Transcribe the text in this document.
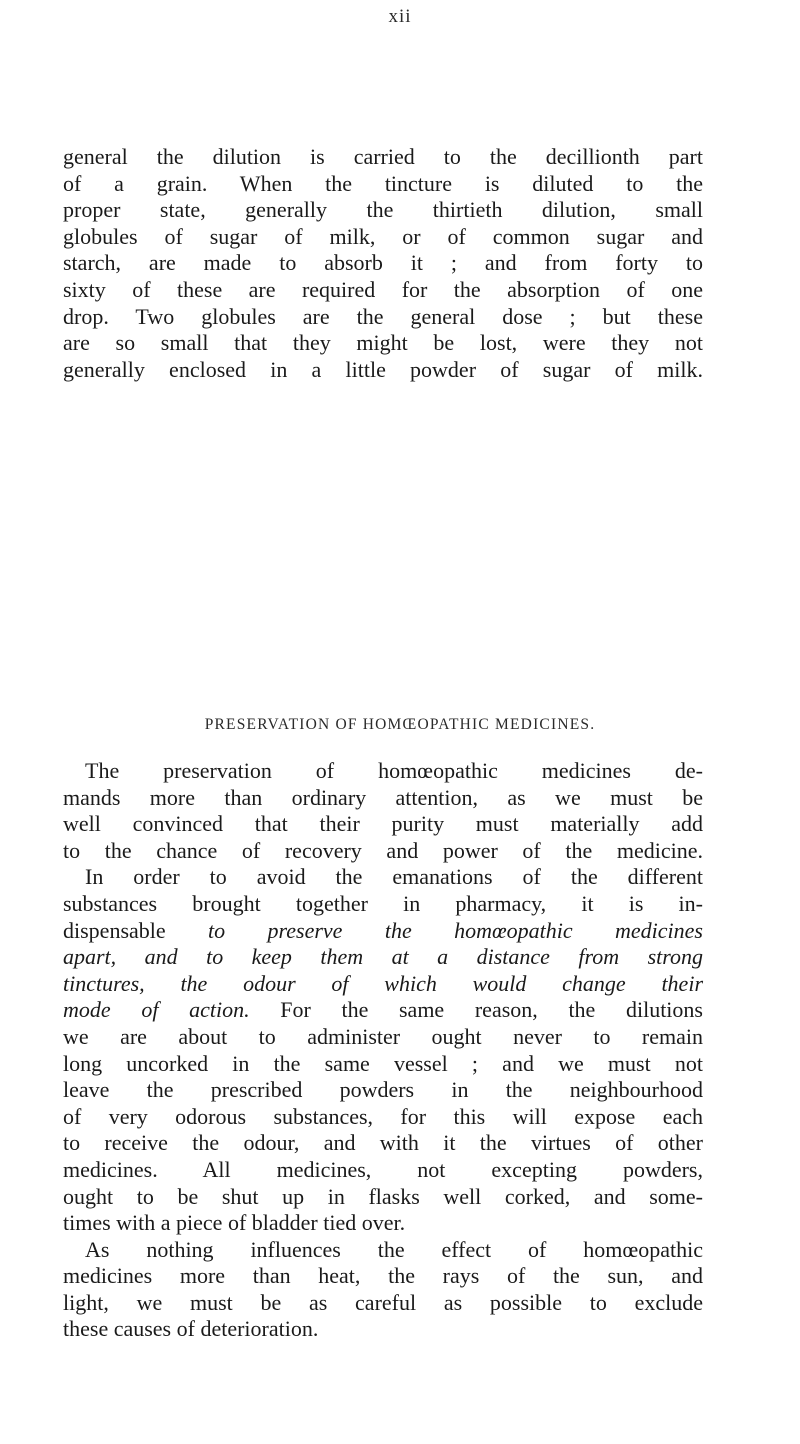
xii
general the dilution is carried to the decillionth part
of a grain. When the tincture is diluted to the
proper state, generally the thirtieth dilution, small
globules of sugar of milk, or of common sugar and
starch, are made to absorb it ; and from forty to
sixty of these are required for the absorption of one
drop. Two globules are the general dose ; but these
are so small that they might be lost, were they not
generally enclosed in a little powder of sugar of milk.
PRESERVATION OF HOMŒOPATHIC MEDICINES.
The preservation of homœopathic medicines de-
mands more than ordinary attention, as we must be
well convinced that their purity must materially add
to the chance of recovery and power of the medicine.
In order to avoid the emanations of the different
substances brought together in pharmacy, it is in-
dispensable to preserve the homœopathic medicines
apart, and to keep them at a distance from strong
tinctures, the odour of which would change their
mode of action. For the same reason, the dilutions
we are about to administer ought never to remain
long uncorked in the same vessel ; and we must not
leave the prescribed powders in the neighbourhood
of very odorous substances, for this will expose each
to receive the odour, and with it the virtues of other
medicines. All medicines, not excepting powders,
ought to be shut up in flasks well corked, and some-
times with a piece of bladder tied over.
As nothing influences the effect of homœopathic
medicines more than heat, the rays of the sun, and
light, we must be as careful as possible to exclude
these causes of deterioration.
